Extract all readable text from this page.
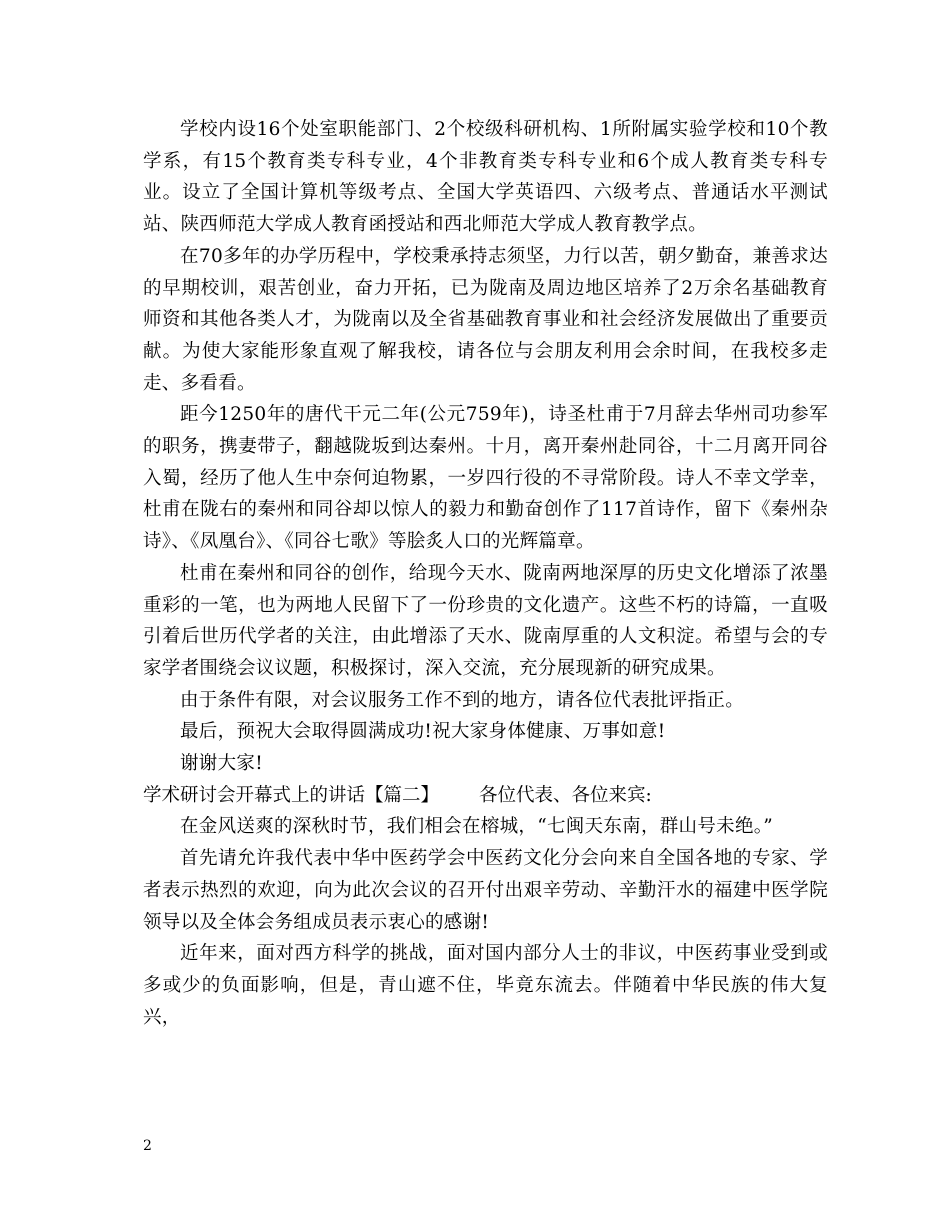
学校内设16个处室职能部门、2个校级科研机构、1所附属实验学校和10个教学系，有15个教育类专科专业，4个非教育类专科专业和6个成人教育类专科专业。设立了全国计算机等级考点、全国大学英语四、六级考点、普通话水平测试站、陕西师范大学成人教育函授站和西北师范大学成人教育教学点。

在70多年的办学历程中，学校秉承持志须坚，力行以苦，朝夕勤奋，兼善求达的早期校训，艰苦创业，奋力开拓，已为陇南及周边地区培养了2万余名基础教育师资和其他各类人才，为陇南以及全省基础教育事业和社会经济发展做出了重要贡献。为使大家能形象直观了解我校，请各位与会朋友利用会余时间，在我校多走走、多看看。

距今1250年的唐代干元二年(公元759年)，诗圣杜甫于7月辞去华州司功参军的职务，携妻带子，翻越陇坂到达秦州。十月，离开秦州赴同谷，十二月离开同谷入蜀，经历了他人生中奈何迫物累，一岁四行役的不寻常阶段。诗人不幸文学幸，杜甫在陇右的秦州和同谷却以惊人的毅力和勤奋创作了117首诗作，留下《秦州杂诗》、《凤凰台》、《同谷七歌》等脍炙人口的光辉篇章。

杜甫在秦州和同谷的创作，给现今天水、陇南两地深厚的历史文化增添了浓墨重彩的一笔，也为两地人民留下了一份珍贵的文化遗产。这些不朽的诗篇，一直吸引着后世历代学者的关注，由此增添了天水、陇南厚重的人文积淀。希望与会的专家学者围绕会议议题，积极探讨，深入交流，充分展现新的研究成果。

由于条件有限，对会议服务工作不到的地方，请各位代表批评指正。

最后，预祝大会取得圆满成功!祝大家身体健康、万事如意!

谢谢大家!

学术研讨会开幕式上的讲话【篇二】 各位代表、各位来宾:

在金风送爽的深秋时节，我们相会在榕城，“七闽天东南，群山号未绝。”

首先请允许我代表中华中医药学会中医药文化分会向来自全国各地的专家、学者表示热烈的欢迎，向为此次会议的召开付出艰辛劳动、辛勤汗水的福建中医学院领导以及全体会务组成员表示衷心的感谢!

近年来，面对西方科学的挑战，面对国内部分人士的非议，中医药事业受到或多或少的负面影响，但是，青山遮不住，毕竟东流去。伴随着中华民族的伟大复兴，

2
